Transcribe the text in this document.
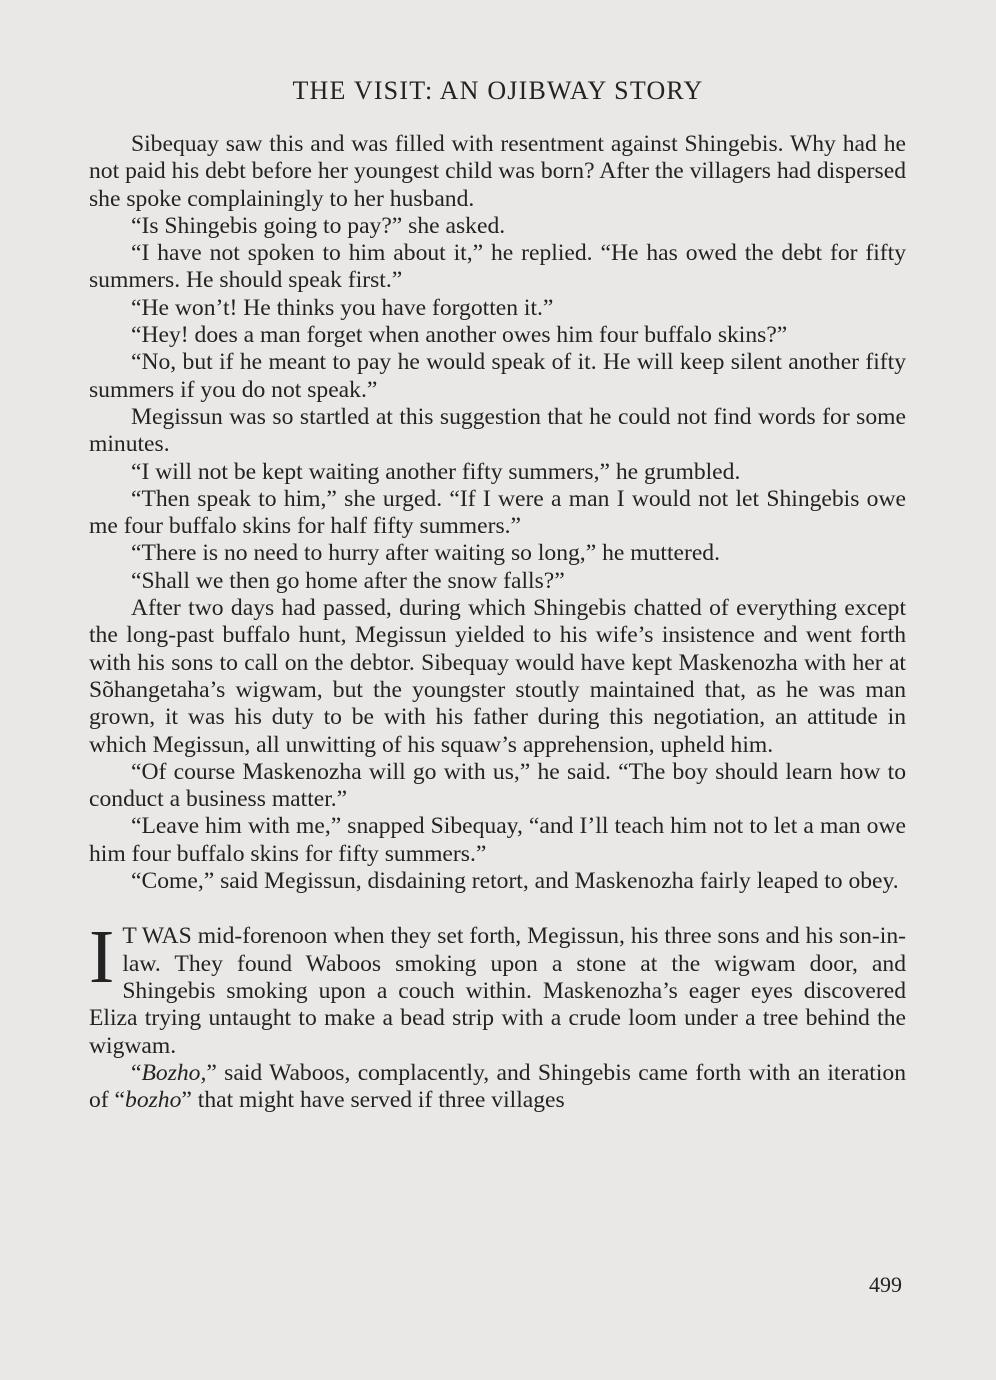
THE VISIT: AN OJIBWAY STORY

Sibequay saw this and was filled with resentment against Shingebis. Why had he not paid his debt before her youngest child was born? After the villagers had dispersed she spoke complainingly to her husband.

“Is Shingebis going to pay?” she asked.

“I have not spoken to him about it,” he replied. “He has owed the debt for fifty summers. He should speak first.”

“He won’t! He thinks you have forgotten it.”

“Hey! does a man forget when another owes him four buffalo skins?”

“No, but if he meant to pay he would speak of it. He will keep silent another fifty summers if you do not speak.”

Megissun was so startled at this suggestion that he could not find words for some minutes.

“I will not be kept waiting another fifty summers,” he grumbled.

“Then speak to him,” she urged. “If I were a man I would not let Shingebis owe me four buffalo skins for half fifty summers.”

“There is no need to hurry after waiting so long,” he muttered.

“Shall we then go home after the snow falls?”

After two days had passed, during which Shingebis chatted of everything except the long-past buffalo hunt, Megissun yielded to his wife’s insistence and went forth with his sons to call on the debtor. Sibequay would have kept Maskenozha with her at Sõhangetaha’s wigwam, but the youngster stoutly maintained that, as he was man grown, it was his duty to be with his father during this negotiation, an attitude in which Megissun, all unwitting of his squaw’s apprehension, upheld him.

“Of course Maskenozha will go with us,” he said. “The boy should learn how to conduct a business matter.”

“Leave him with me,” snapped Sibequay, “and I’ll teach him not to let a man owe him four buffalo skins for fifty summers.”

“Come,” said Megissun, disdaining retort, and Maskenozha fairly leaped to obey.

I T WAS mid-forenoon when they set forth, Megissun, his three sons and his son-in-law. They found Waboos smoking upon a stone at the wigwam door, and Shingebis smoking upon a couch within. Maskenozha’s eager eyes discovered Eliza trying untaught to make a bead strip with a crude loom under a tree behind the wigwam.

“Bozho,” said Waboos, complacently, and Shingebis came forth with an iteration of “bozho” that might have served if three villages

499
